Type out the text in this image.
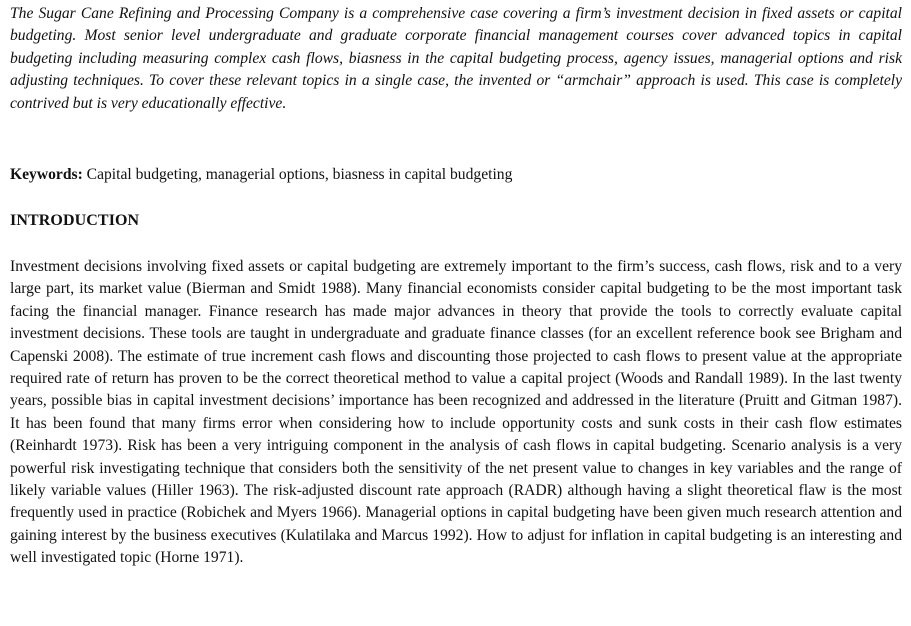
The Sugar Cane Refining and Processing Company is a comprehensive case covering a firm’s investment decision in fixed assets or capital budgeting. Most senior level undergraduate and graduate corporate financial management courses cover advanced topics in capital budgeting including measuring complex cash flows, biasness in the capital budgeting process, agency issues, managerial options and risk adjusting techniques. To cover these relevant topics in a single case, the invented or “armchair” approach is used. This case is completely contrived but is very educationally effective.

Keywords: Capital budgeting, managerial options, biasness in capital budgeting

INTRODUCTION

Investment decisions involving fixed assets or capital budgeting are extremely important to the firm’s success, cash flows, risk and to a very large part, its market value (Bierman and Smidt 1988). Many financial economists consider capital budgeting to be the most important task facing the financial manager. Finance research has made major advances in theory that provide the tools to correctly evaluate capital investment decisions. These tools are taught in undergraduate and graduate finance classes (for an excellent reference book see Brigham and Capenski 2008). The estimate of true increment cash flows and discounting those projected to cash flows to present value at the appropriate required rate of return has proven to be the correct theoretical method to value a capital project (Woods and Randall 1989). In the last twenty years, possible bias in capital investment decisions’ importance has been recognized and addressed in the literature (Pruitt and Gitman 1987). It has been found that many firms error when considering how to include opportunity costs and sunk costs in their cash flow estimates (Reinhardt 1973). Risk has been a very intriguing component in the analysis of cash flows in capital budgeting. Scenario analysis is a very powerful risk investigating technique that considers both the sensitivity of the net present value to changes in key variables and the range of likely variable values (Hiller 1963). The risk-adjusted discount rate approach (RADR) although having a slight theoretical flaw is the most frequently used in practice (Robichek and Myers 1966). Managerial options in capital budgeting have been given much research attention and gaining interest by the business executives (Kulatilaka and Marcus 1992). How to adjust for inflation in capital budgeting is an interesting and well investigated topic (Horne 1971).
